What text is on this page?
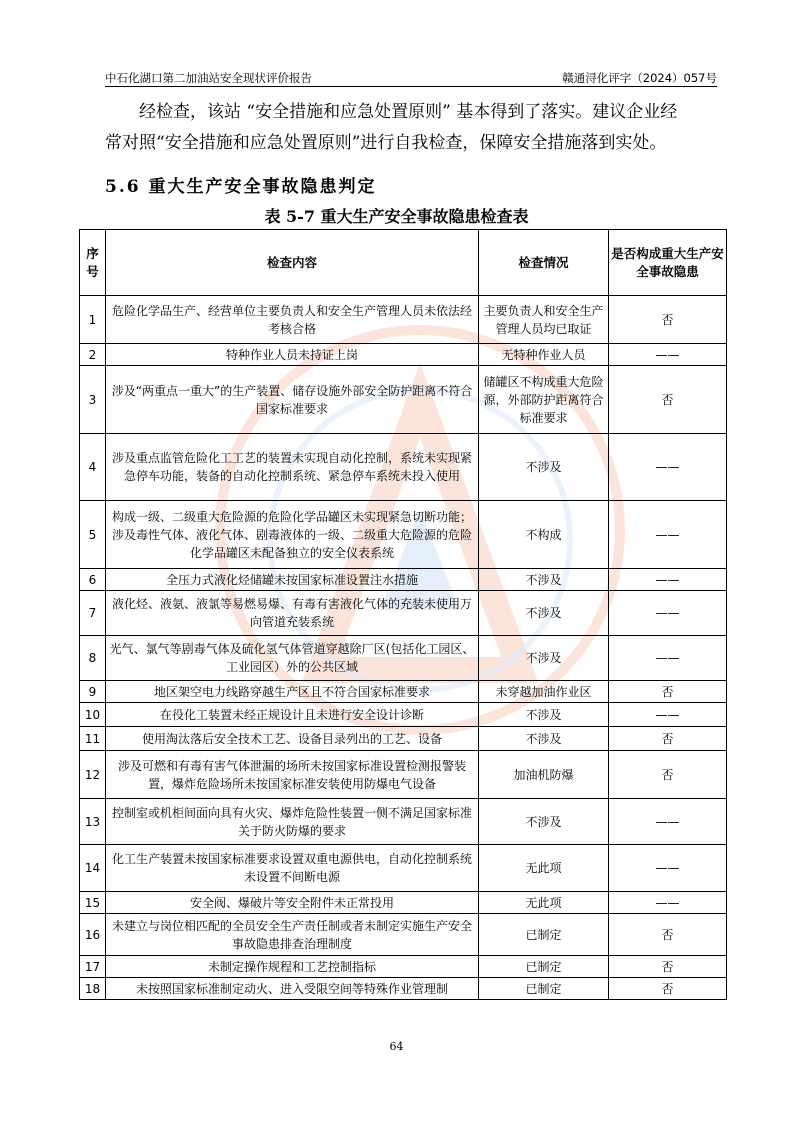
中石化湖口第二加油站安全现状评价报告	赣通浔化评字（2024）057号
经检查，该站 “安全措施和应急处置原则” 基本得到了落实。建议企业经
常对照“安全措施和应急处置原则”进行自我检查，保障安全措施落到实处。
5.6 重大生产安全事故隐患判定
表 5-7 重大生产安全事故隐患检查表
序号	检查内容	检查情况	是否构成重大生产安全事故隐患
1	危险化学品生产、经营单位主要负责人和安全生产管理人员未依法经考核合格	主要负责人和安全生产管理人员均已取证	否
2	特种作业人员未持证上岗	无特种作业人员	——
3	涉及“两重点一重大”的生产装置、储存设施外部安全防护距离不符合国家标准要求	储罐区不构成重大危险源，外部防护距离符合标准要求	否
4	涉及重点监管危险化工工艺的装置未实现自动化控制，系统未实现紧急停车功能，装备的自动化控制系统、紧急停车系统未投入使用	不涉及	——
5	构成一级、二级重大危险源的危险化学品罐区未实现紧急切断功能；涉及毒性气体、液化气体、剧毒液体的一级、二级重大危险源的危险化学品罐区未配备独立的安全仪表系统	不构成	——
6	全压力式液化烃储罐未按国家标准设置注水措施	不涉及	——
7	液化烃、液氨、液氯等易燃易爆、有毒有害液化气体的充装未使用万向管道充装系统	不涉及	——
8	光气、氯气等剧毒气体及硫化氢气体管道穿越除厂区(包括化工园区、工业园区）外的公共区域	不涉及	——
9	地区架空电力线路穿越生产区且不符合国家标准要求	未穿越加油作业区	否
10	在役化工装置未经正规设计且未进行安全设计诊断	不涉及	——
11	使用淘汰落后安全技术工艺、设备目录列出的工艺、设备	不涉及	否
12	涉及可燃和有毒有害气体泄漏的场所未按国家标准设置检测报警装置，爆炸危险场所未按国家标准安装使用防爆电气设备	加油机防爆	否
13	控制室或机柜间面向具有火灾、爆炸危险性装置一侧不满足国家标准关于防火防爆的要求	不涉及	——
14	化工生产装置未按国家标准要求设置双重电源供电，自动化控制系统未设置不间断电源	无此项	——
15	安全阀、爆破片等安全附件未正常投用	无此项	——
16	未建立与岗位相匹配的全员安全生产责任制或者未制定实施生产安全事故隐患排查治理制度	已制定	否
17	未制定操作规程和工艺控制指标	已制定	否
18	未按照国家标准制定动火、进入受限空间等特殊作业管理制	已制定	否
64
